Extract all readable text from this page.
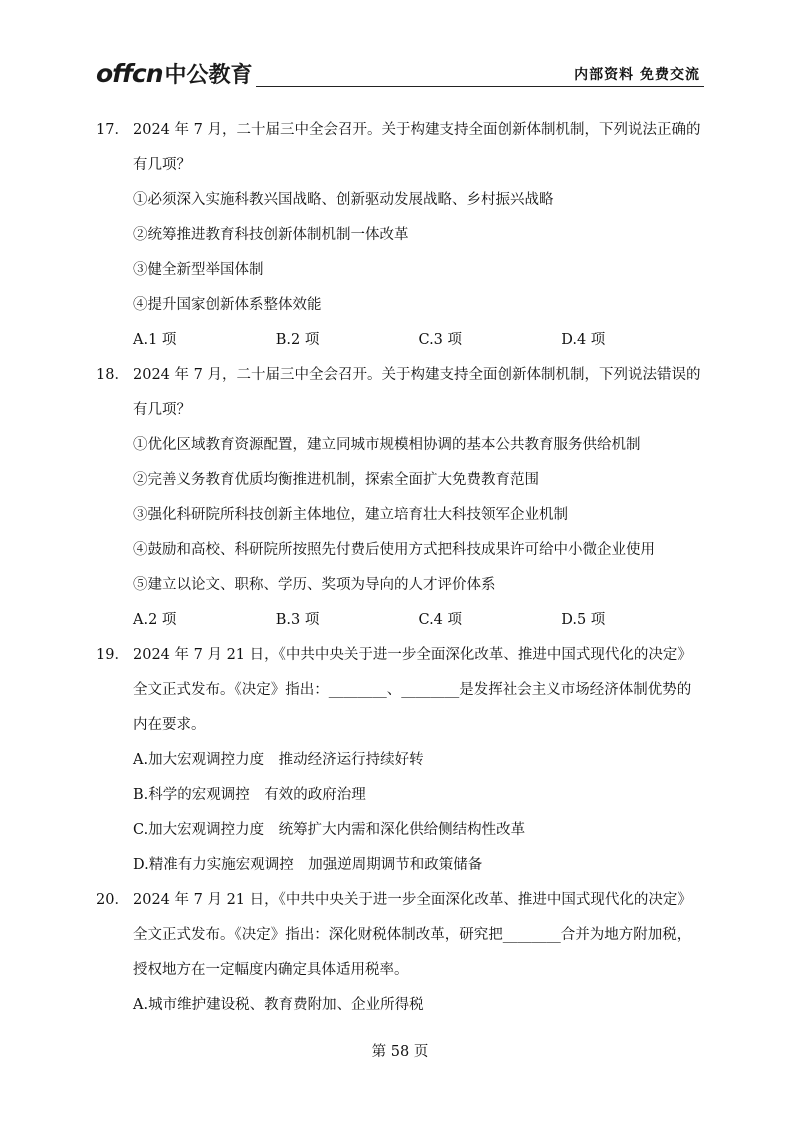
offcn 中公教育	内部资料 免费交流
17． 2024 年 7 月，二十届三中全会召开。关于构建支持全面创新体制机制，下列说法正确的有几项？
①必须深入实施科教兴国战略、创新驱动发展战略、乡村振兴战略
②统筹推进教育科技创新体制机制一体改革
③健全新型举国体制
④提升国家创新体系整体效能
A.1 项	B.2 项	C.3 项	D.4 项
18． 2024 年 7 月，二十届三中全会召开。关于构建支持全面创新体制机制，下列说法错误的有几项？
①优化区域教育资源配置，建立同城市规模相协调的基本公共教育服务供给机制
②完善义务教育优质均衡推进机制，探索全面扩大免费教育范围
③强化科研院所科技创新主体地位，建立培育壮大科技领军企业机制
④鼓励和高校、科研院所按照先付费后使用方式把科技成果许可给中小微企业使用
⑤建立以论文、职称、学历、奖项为导向的人才评价体系
A.2 项	B.3 项	C.4 项	D.5 项
19． 2024 年 7 月 21 日，《中共中央关于进一步全面深化改革、推进中国式现代化的决定》全文正式发布。《决定》指出：________、________是发挥社会主义市场经济体制优势的内在要求。
A.加大宏观调控力度　推动经济运行持续好转
B.科学的宏观调控　有效的政府治理
C.加大宏观调控力度　统筹扩大内需和深化供给侧结构性改革
D.精准有力实施宏观调控　加强逆周期调节和政策储备
20． 2024 年 7 月 21 日，《中共中央关于进一步全面深化改革、推进中国式现代化的决定》全文正式发布。《决定》指出：深化财税体制改革，研究把________合并为地方附加税，授权地方在一定幅度内确定具体适用税率。
A.城市维护建设税、教育费附加、企业所得税
第 58 页
